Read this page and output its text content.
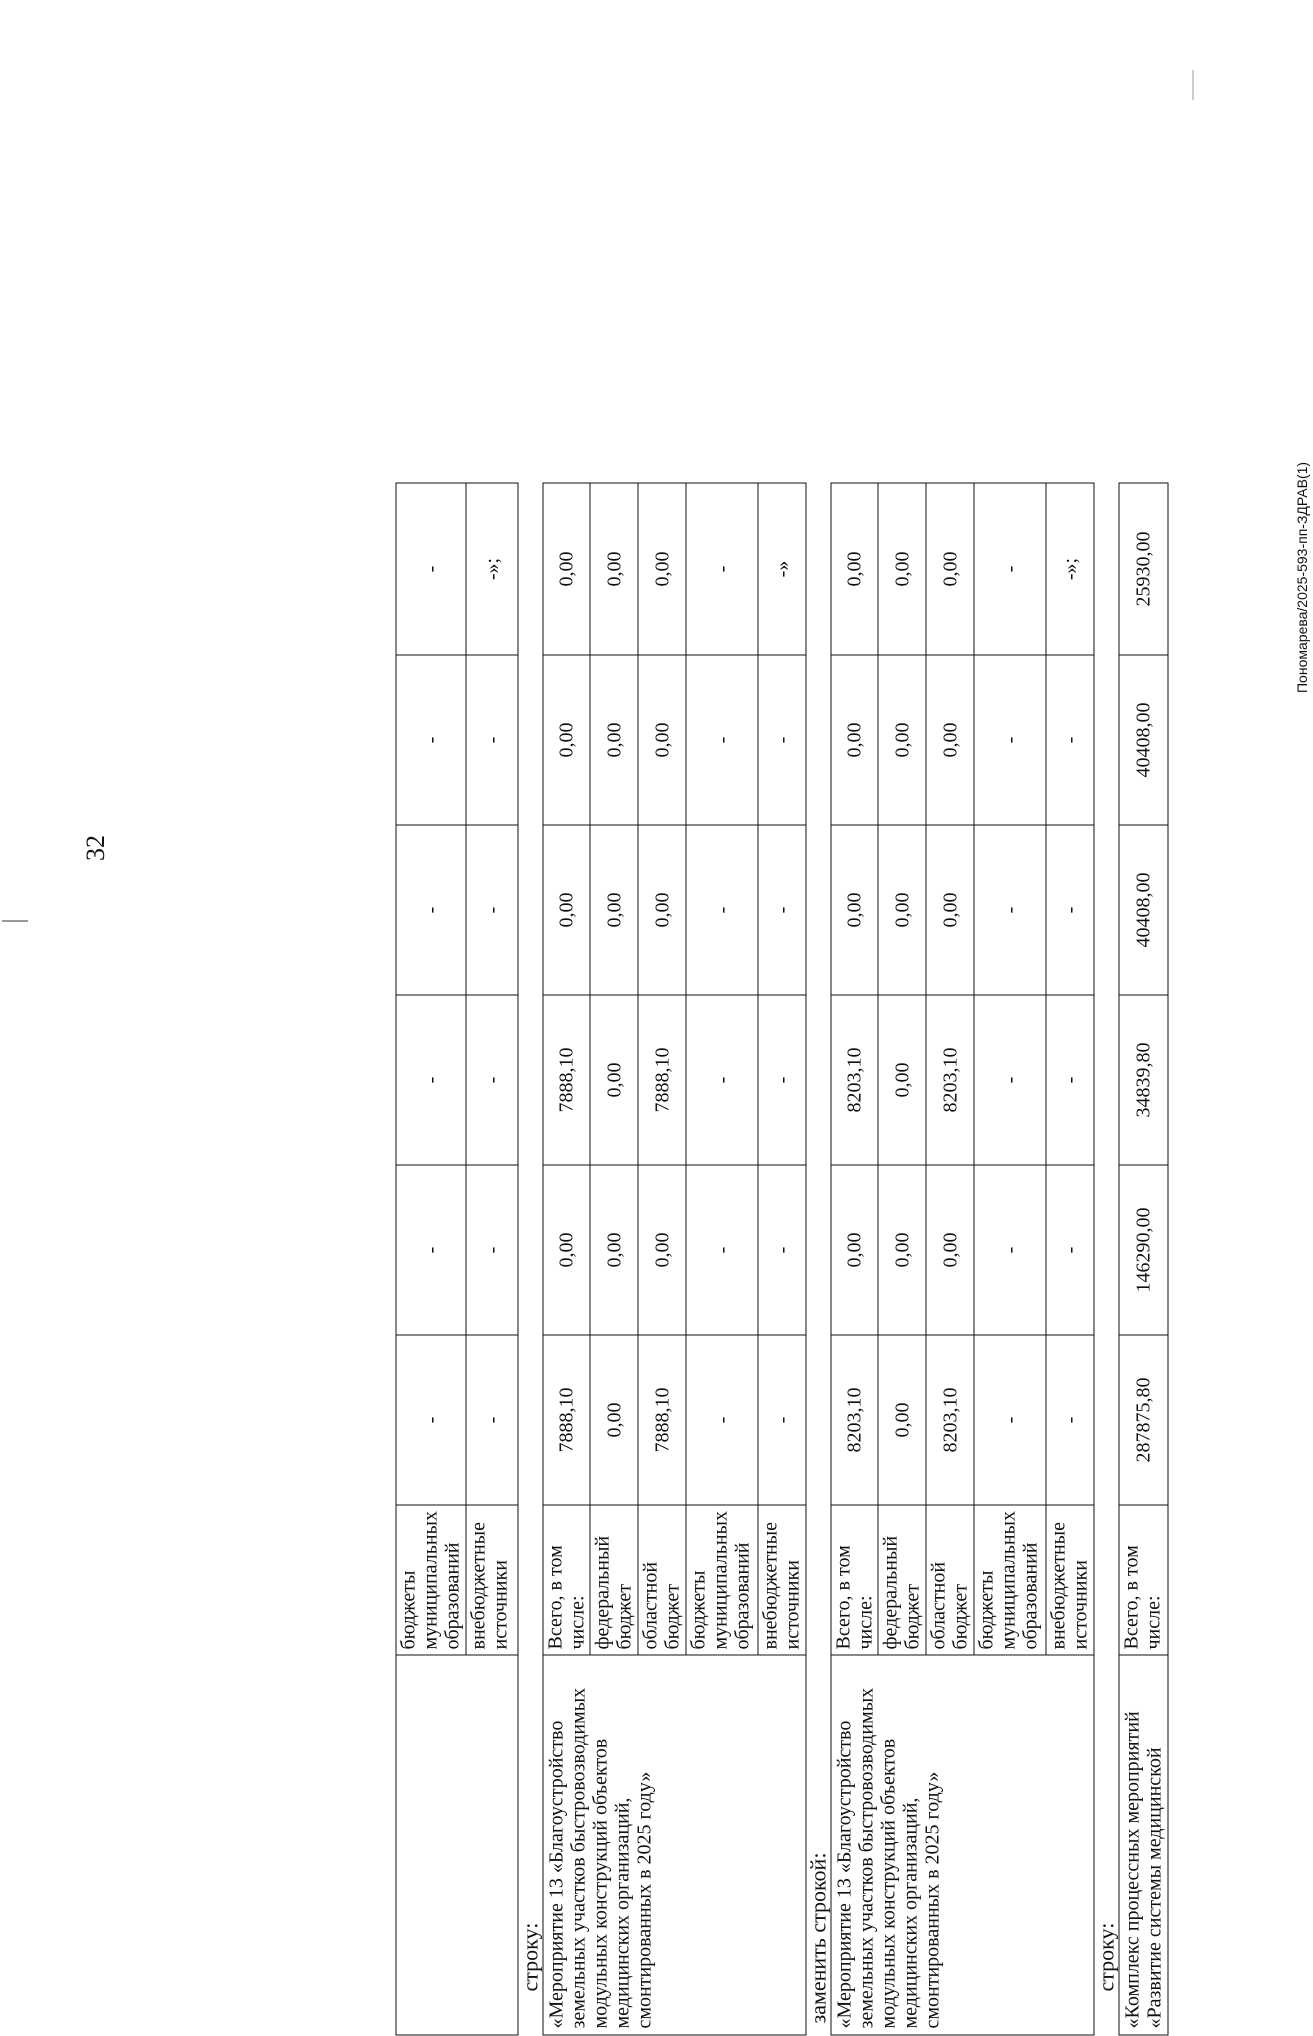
32
Пономарева/2025-593-пп-ЗДРАВ(1)
	бюджеты муниципальных образований	-	-	-	-	-	-
	внебюджетные источники	-	-	-	-	-	-»;
строку: «Мероприятие 13 «Благоустройство земельных участков быстровозводимых модульных конструкций объектов медицинских организаций, смонтированных в 2025 году»	Всего, в том числе:	7888,10	0,00	7888,10	0,00	0,00	0,00
	федеральный бюджет	0,00	0,00	0,00	0,00	0,00	0,00
	областной бюджет	7888,10	0,00	7888,10	0,00	0,00	0,00
	бюджеты муниципальных образований	-	-	-	-	-	-
	внебюджетные источники	-	-	-	-	-	-»
заменить строкой: «Мероприятие 13 «Благоустройство земельных участков быстровозводимых модульных конструкций объектов медицинских организаций, смонтированных в 2025 году»	Всего, в том числе:	8203,10	0,00	8203,10	0,00	0,00	0,00
	федеральный бюджет	0,00	0,00	0,00	0,00	0,00	0,00
	областной бюджет	8203,10	0,00	8203,10	0,00	0,00	0,00
	бюджеты муниципальных образований	-	-	-	-	-	-
	внебюджетные источники	-	-	-	-	-	-»;
строку: «Комплекс процессных мероприятий «Развитие системы медицинской	Всего, в том числе:	287875,80	146290,00	34839,80	40408,00	40408,00	25930,00
